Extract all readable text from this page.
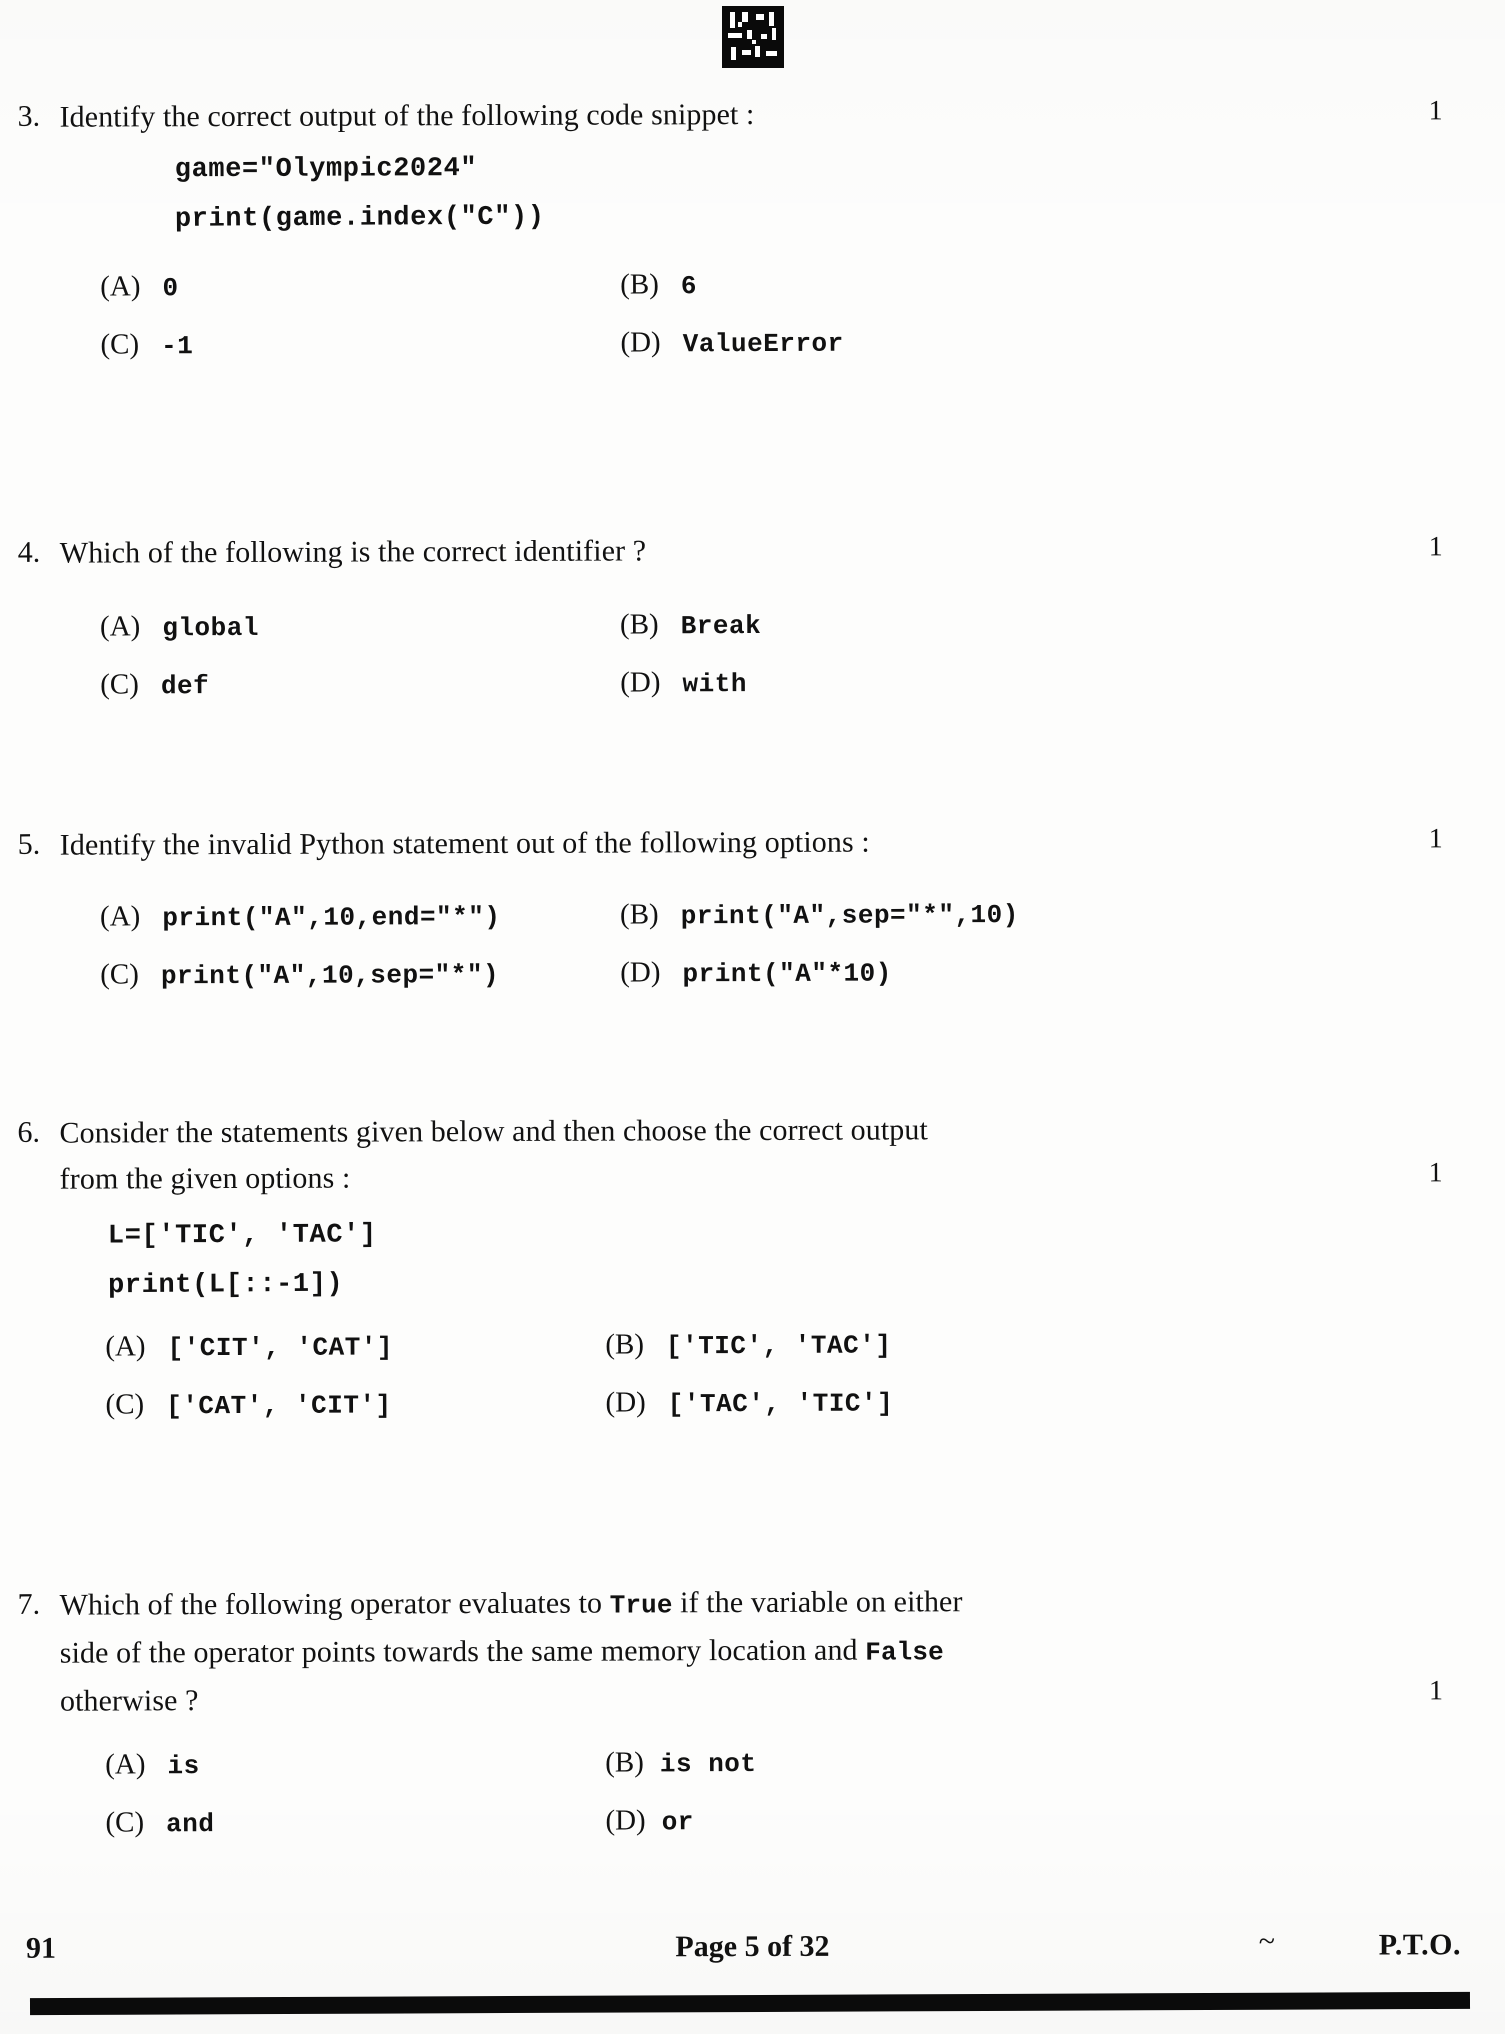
3. Identify the correct output of the following code snippet :	1
game="Olympic2024"
print(game.index("C"))
(A) 0	(B) 6
(C) -1	(D) ValueError
4. Which of the following is the correct identifier ?	1
(A) global	(B) Break
(C) def	(D) with
5. Identify the invalid Python statement out of the following options :	1
(A) print("A",10,end="*")	(B) print("A",sep="*",10)
(C) print("A",10,sep="*")	(D) print("A"*10)
6. Consider the statements given below and then choose the correct output
from the given options :	1
L=['TIC', 'TAC']
print(L[::-1])
(A) ['CIT', 'CAT']	(B) ['TIC', 'TAC']
(C) ['CAT', 'CIT']	(D) ['TAC', 'TIC']
7. Which of the following operator evaluates to True if the variable on either
side of the operator points towards the same memory location and False
otherwise ?	1
(A) is	(B) is not
(C) and	(D) or
91	Page 5 of 32	~	P.T.O.
